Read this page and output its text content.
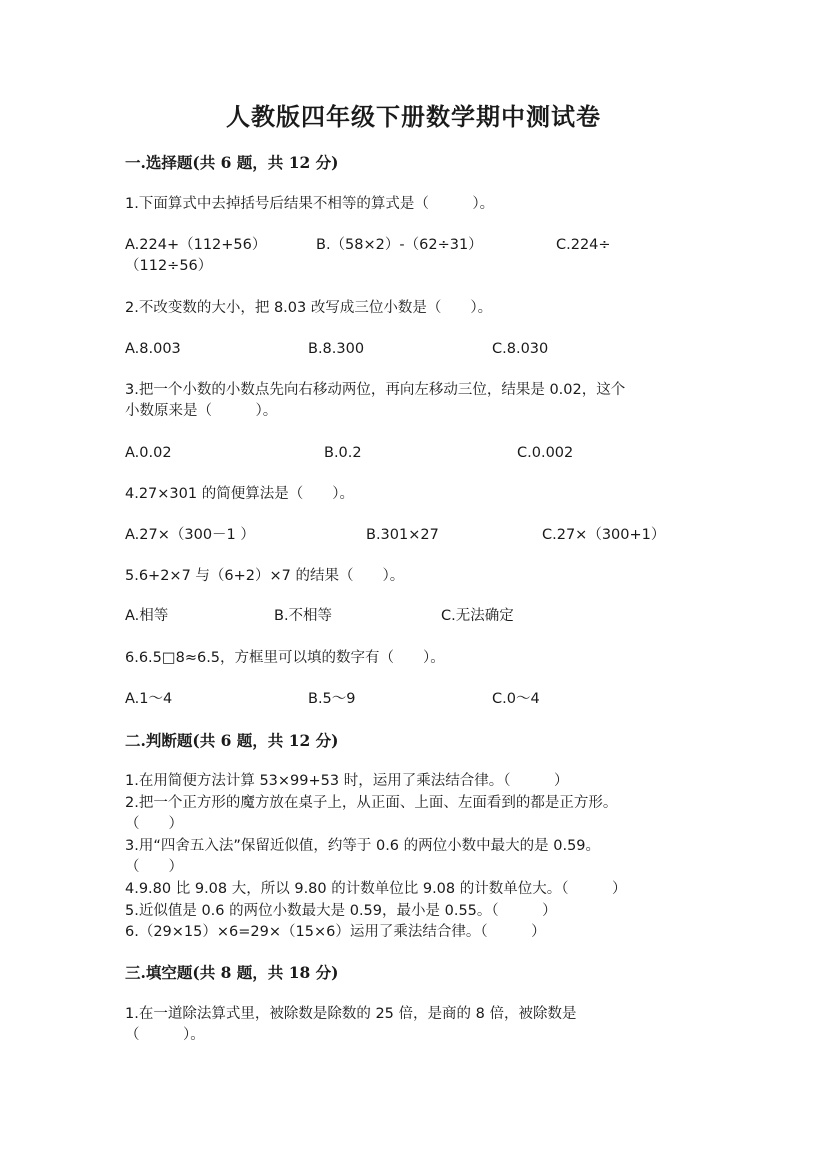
人教版四年级下册数学期中测试卷
一.选择题(共 6 题，共 12 分)
1.下面算式中去掉括号后结果不相等的算式是（　　　）。
A.224+（112+56）	B.（58×2）-（62÷31）	C.224÷
（112÷56）
2.不改变数的大小，把 8.03 改写成三位小数是（　　）。
A.8.003	B.8.300	C.8.030
3.把一个小数的小数点先向右移动两位，再向左移动三位，结果是 0.02，这个
小数原来是（　　　）。
A.0.02	B.0.2	C.0.002
4.27×301 的简便算法是（　　）。
A.27×（300－1 ）	B.301×27	C.27×（300+1）
5.6+2×7 与（6+2）×7 的结果（　　）。
A.相等	B.不相等	C.无法确定
6.6.5□8≈6.5，方框里可以填的数字有（　　）。
A.1～4	B.5～9	C.0～4
二.判断题(共 6 题，共 12 分)
1.在用简便方法计算 53×99+53 时，运用了乘法结合律。（　　　）
2.把一个正方形的魔方放在桌子上，从正面、上面、左面看到的都是正方形。
（　　）
3.用“四舍五入法”保留近似值，约等于 0.6 的两位小数中最大的是 0.59。
（　　）
4.9.80 比 9.08 大，所以 9.80 的计数单位比 9.08 的计数单位大。（　　　）
5.近似值是 0.6 的两位小数最大是 0.59，最小是 0.55。（　　　）
6.（29×15）×6=29×（15×6）运用了乘法结合律。（　　　）
三.填空题(共 8 题，共 18 分)
1.在一道除法算式里，被除数是除数的 25 倍，是商的 8 倍，被除数是
（　　　）。
